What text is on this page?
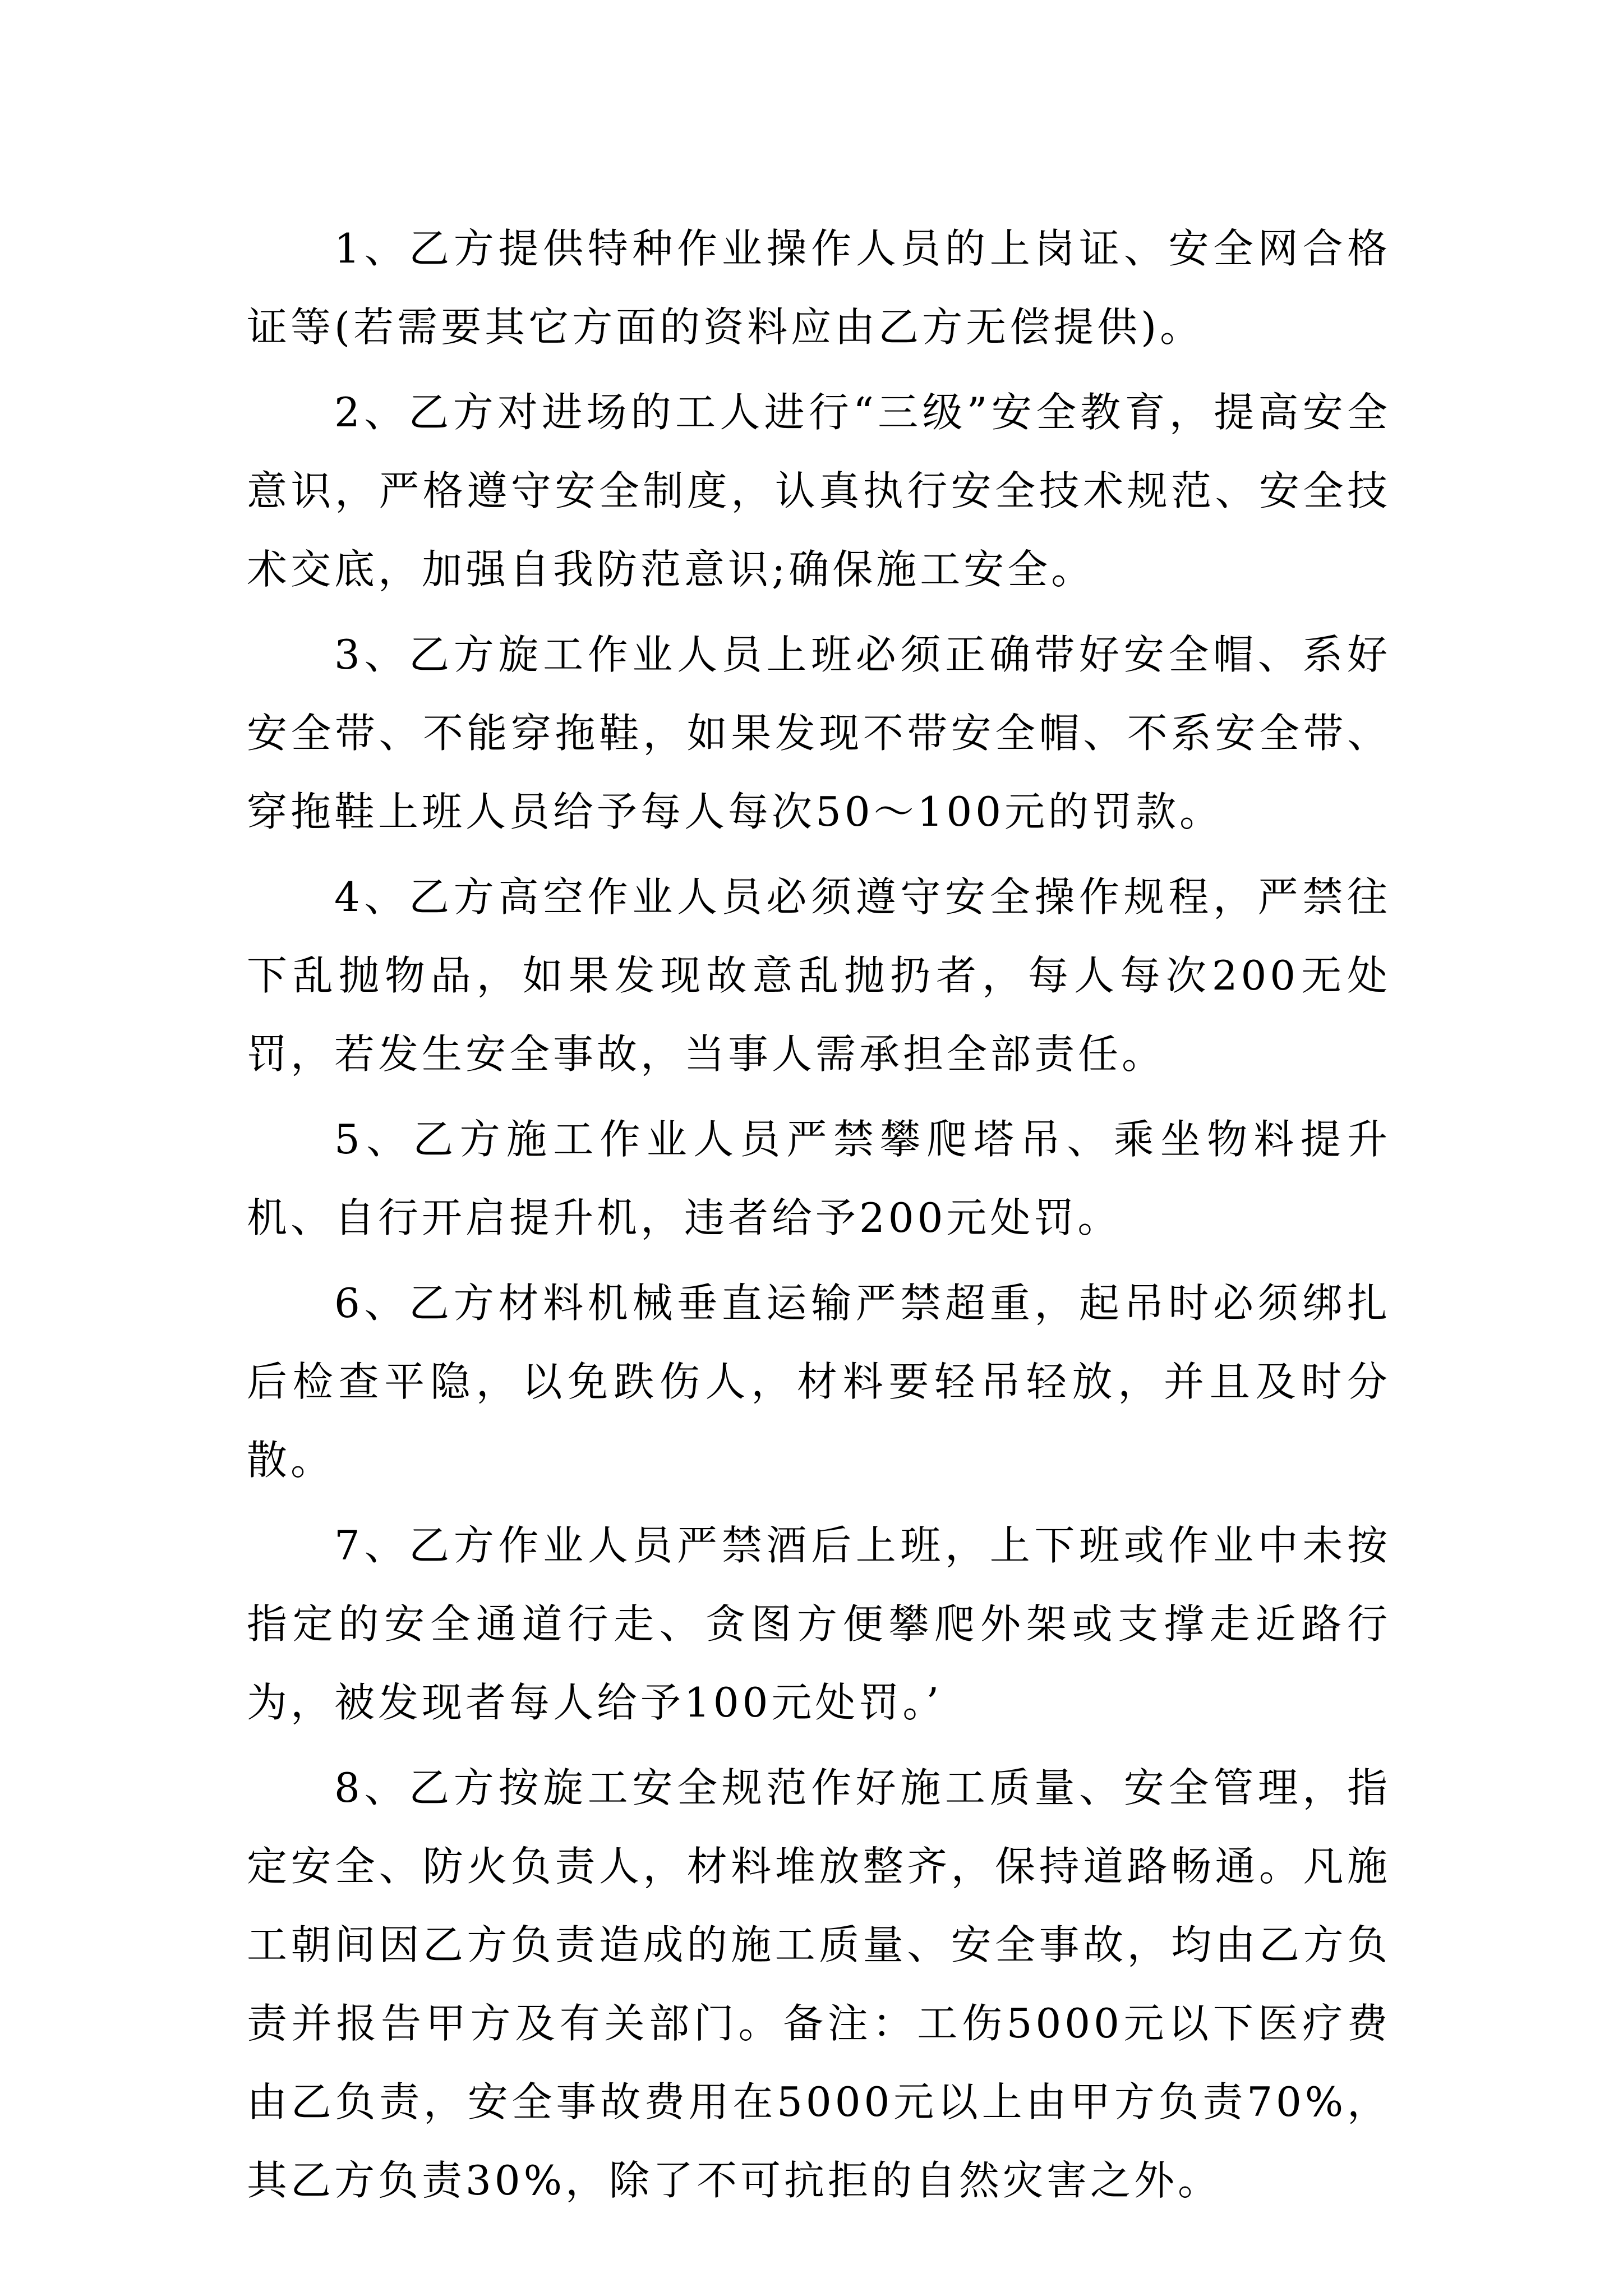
1、乙方提供特种作业操作人员的上岗证、安全网合格证等(若需要其它方面的资料应由乙方无偿提供)。

2、乙方对进场的工人进行“三级”安全教育，提高安全意识，严格遵守安全制度，认真执行安全技术规范、安全技术交底，加强自我防范意识;确保施工安全。

3、乙方旋工作业人员上班必须正确带好安全帽、系好安全带、不能穿拖鞋，如果发现不带安全帽、不系安全带、穿拖鞋上班人员给予每人每次50～100元的罚款。

4、乙方高空作业人员必须遵守安全操作规程，严禁往下乱抛物品，如果发现故意乱抛扔者，每人每次200无处罚，若发生安全事故，当事人需承担全部责任。

5、乙方施工作业人员严禁攀爬塔吊、乘坐物料提升机、自行开启提升机，违者给予200元处罚。

6、乙方材料机械垂直运输严禁超重，起吊时必须绑扎后检查平隐，以免跌伤人，材料要轻吊轻放，并且及时分散。

7、乙方作业人员严禁酒后上班，上下班或作业中未按指定的安全通道行走、贪图方便攀爬外架或支撑走近路行为，被发现者每人给予100元处罚。’

8、乙方按旋工安全规范作好施工质量、安全管理，指定安全、防火负责人，材料堆放整齐，保持道路畅通。凡施工朝间因乙方负责造成的施工质量、安全事故，均由乙方负责并报告甲方及有关部门。备注：工伤5000元以下医疗费由乙负责，安全事故费用在5000元以上由甲方负责70%，其乙方负责30%，除了不可抗拒的自然灾害之外。
